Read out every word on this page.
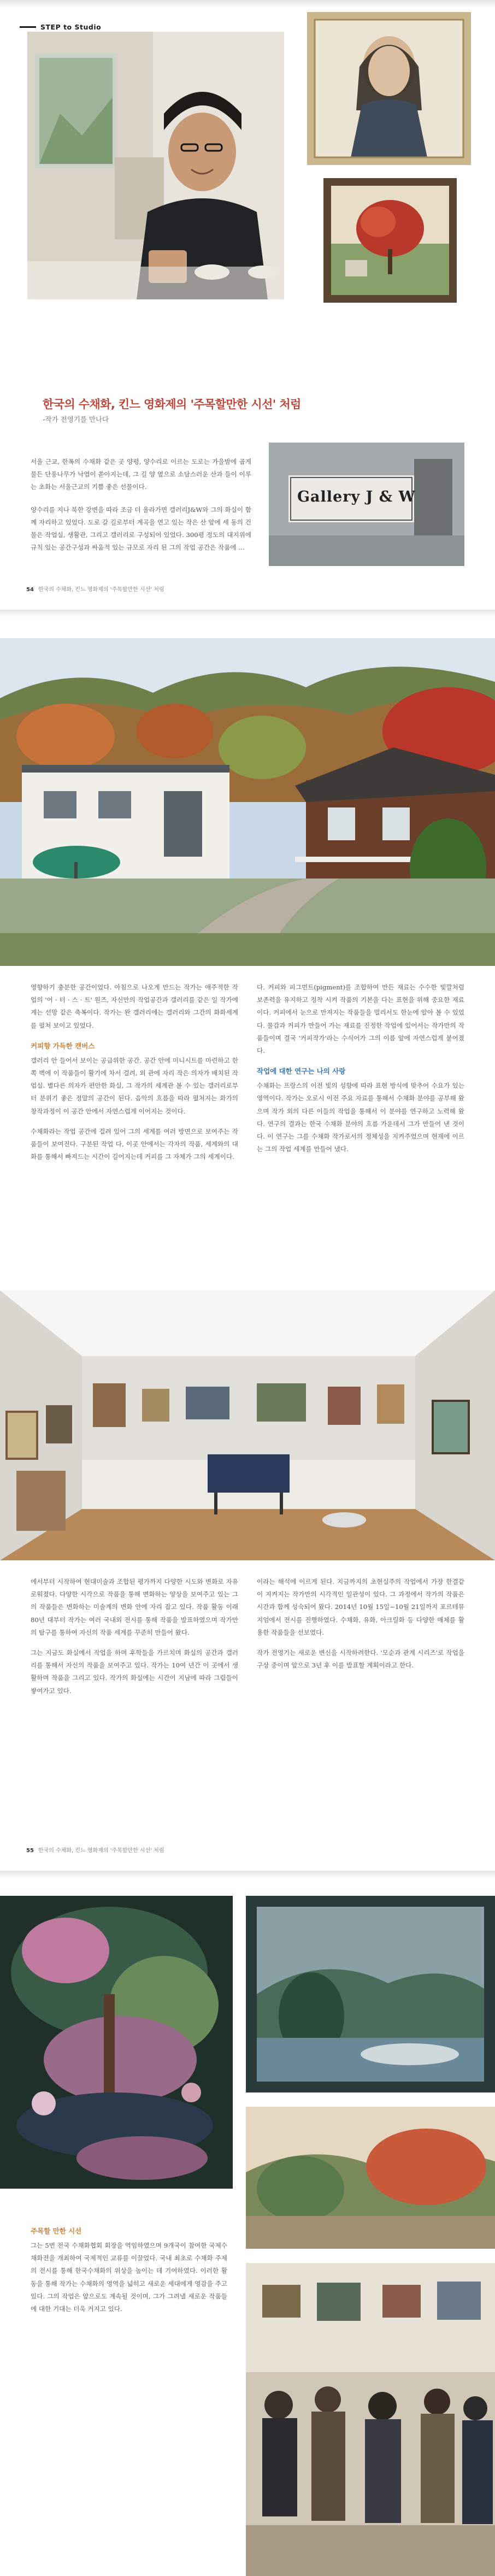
STEP to Studio
한국의 수채화, 킨느 영화제의 '주목할만한 시선' 처럼
-작가 전영기를 만나다

서울 근교, 한폭의 수채화 같은 곳 양평, 양수리로 이르는 도로는 가을밤에 곱게 물든 단풍나무가 낙엽이 쏟아지는데, 그 길 양 옆으로 소담스러운 산과 들이 이루는 초화는 서울근교의 기쁨 좋은 선물이다.

양수리를 지나 북한 강변을 따라 조금 더 올라가면 갤러리J&W와 그의 화실이 함께 자리하고 있었다. 도로 갈 길로부터 계곡을 연고 있는 작은 산 앞에 세 동의 건물은 작업실, 생활관, 그리고 갤러리로 구성되어 있었다. 300평 정도의 대지위에 규칙 있는 공간구성과 싸움적 있는 규모로 자리 된 그의 작업 공간은 작품에 …

Gallery J & W
54 한국의 수채화, 킨느 영화제의 '주목할만한 시선' 처럼

영향하기 충분한 공간이었다. 아침으로 나오게 만드는 작가는 애주적한 작업의 '어 · 터 · 스 · 트' 원즈, 자신만의 작업공간과 갤러리를 같은 일 작가에게는 선망 같은 축복이다. 작가는 완 갤러리에는 갤러리와 그간의 화화세계를 펼쳐 보이고 있었다.

커피향 가득한 캔버스

갤러리 안 들어서 보이는 공급위한 공간. 공간 안에 미니시트를 마련하고 한쪽 벽에 이 작품들이 활기에 차서 걸려, 외 관에 자리 작은 의자가 배치된 작업실. 별다른 의자가 편안한 화실, 그 작가의 세계관 볼 수 있는 갤러리로부터 분위기 좋은 정말의 공간이 된다. 음악의 흐름을 따라 펼쳐지는 화가의 창작과정이 이 공간 안에서 자연스럽게 이어지는 것이다.

수채화라는 작업 공간에 걸려 있어 그의 세계를 여러 방면으로 보여주는 작품들이 보여진다. 구분된 작업 다, 이곳 안에서는 각자의 작품, 세계와의 대화를 통해서 빠져드는 시간이 길어지는데 커피를 그 자체가 그의 세계이다.

다. 커피와 피그먼트(pigment)를 조합하여 만든 재료는 수수한 빛깔처럼 보존력을 유지하고 정착 시켜 작품의 기본을 다는 표현을 위해 중요한 재료이다. 커피에서 눈으로 만져지는 작품들을 멀리서도 한눈에 알아 볼 수 있었다. 물감과 커피가 만들어 가는 재료를 진정한 작업에 있어서는 작가만의 작품들이며 결국 '커피작가'라는 수식어가 그의 이름 앞에 자연스럽게 붙어졌다.

작업에 대한 연구는 나의 사랑

수채화는 프랑스의 이전 빛의 성향에 따라 표현 방식에 맞추어 수요가 있는 영역이다. 작가는 오로시 이전 주요 자료를 통해서 수채화 분야를 공부해 왔으며 작가 외의 다른 이들의 작업을 통해서 이 분야를 연구하고 노력해 왔다. 연구의 결과는 한국 수채화 분야의 흐름 가운데서 그가 만들어 낸 것이다. 이 연구는 그를 수채화 작가로서의 정체성을 지켜주었으며 현재에 이르는 그의 작업 세계를 만들어 냈다.

에서부터 시작하여 현대미술과 조합된 평가까지 다양한 시도와 변화로 자유로워졌다. 다양한 시각으로 작품을 통해 변화하는 양상을 보여주고 있는 그의 작품들은 변화하는 미술계의 변화 안에 자리 잡고 있다. 작품 활동 이래 80년 대부터 작가는 여러 국내외 전시를 통해 작품을 발표하였으며 작가만의 탐구를 통하여 자신의 작품 세계를 꾸준히 만들어 왔다.

그는 지금도 화실에서 작업을 하며 후학들을 가르치며 화실의 공간과 갤러리를 통해서 자신의 작품을 보여주고 있다. 작가는 10여 년간 이 곳에서 생활하며 작품을 그리고 있다. 작가의 화실에는 시간이 지남에 따라 그림들이 쌓여가고 있다.

이라는 해석에 이르게 된다. 지금까지의 초현실주의 작업에서 가장 한결같이 지켜지는 작가만의 시각적인 일관성이 있다. 그 과정에서 작가의 작품은 시간과 함께 성숙되어 왔다. 2014년 10월 15일~10월 21일까지 포르테뮤지엄에서 전시를 진행하였다. 수채화, 유화, 아크릴화 등 다양한 매체를 활용한 작품들을 선보였다.

작가 전영기는 새로운 변신을 시작하려한다. '모순과 관계 시리즈'로 작업을 구상 중이며 앞으로 3년 후 이를 발표할 계획이라고 한다.

55 한국의 수채화, 킨느 영화제의 '주목할만한 시선' 처럼
주목할 만한 시선

그는 5번 전국 수채화협회 회장을 역임하였으며 9개국이 참여한 국제수채화전을 개최하여 국제적인 교류를 이끌었다. 국내 최초로 수채화 주제의 전시를 통해 한국수채화의 위상을 높이는 데 기여하였다. 이러한 활동을 통해 작가는 수채화의 영역을 넓히고 새로운 세대에게 영감을 주고 있다. 그의 작업은 앞으로도 계속될 것이며, 그가 그려낼 새로운 작품들에 대한 기대는 더욱 커지고 있다.
